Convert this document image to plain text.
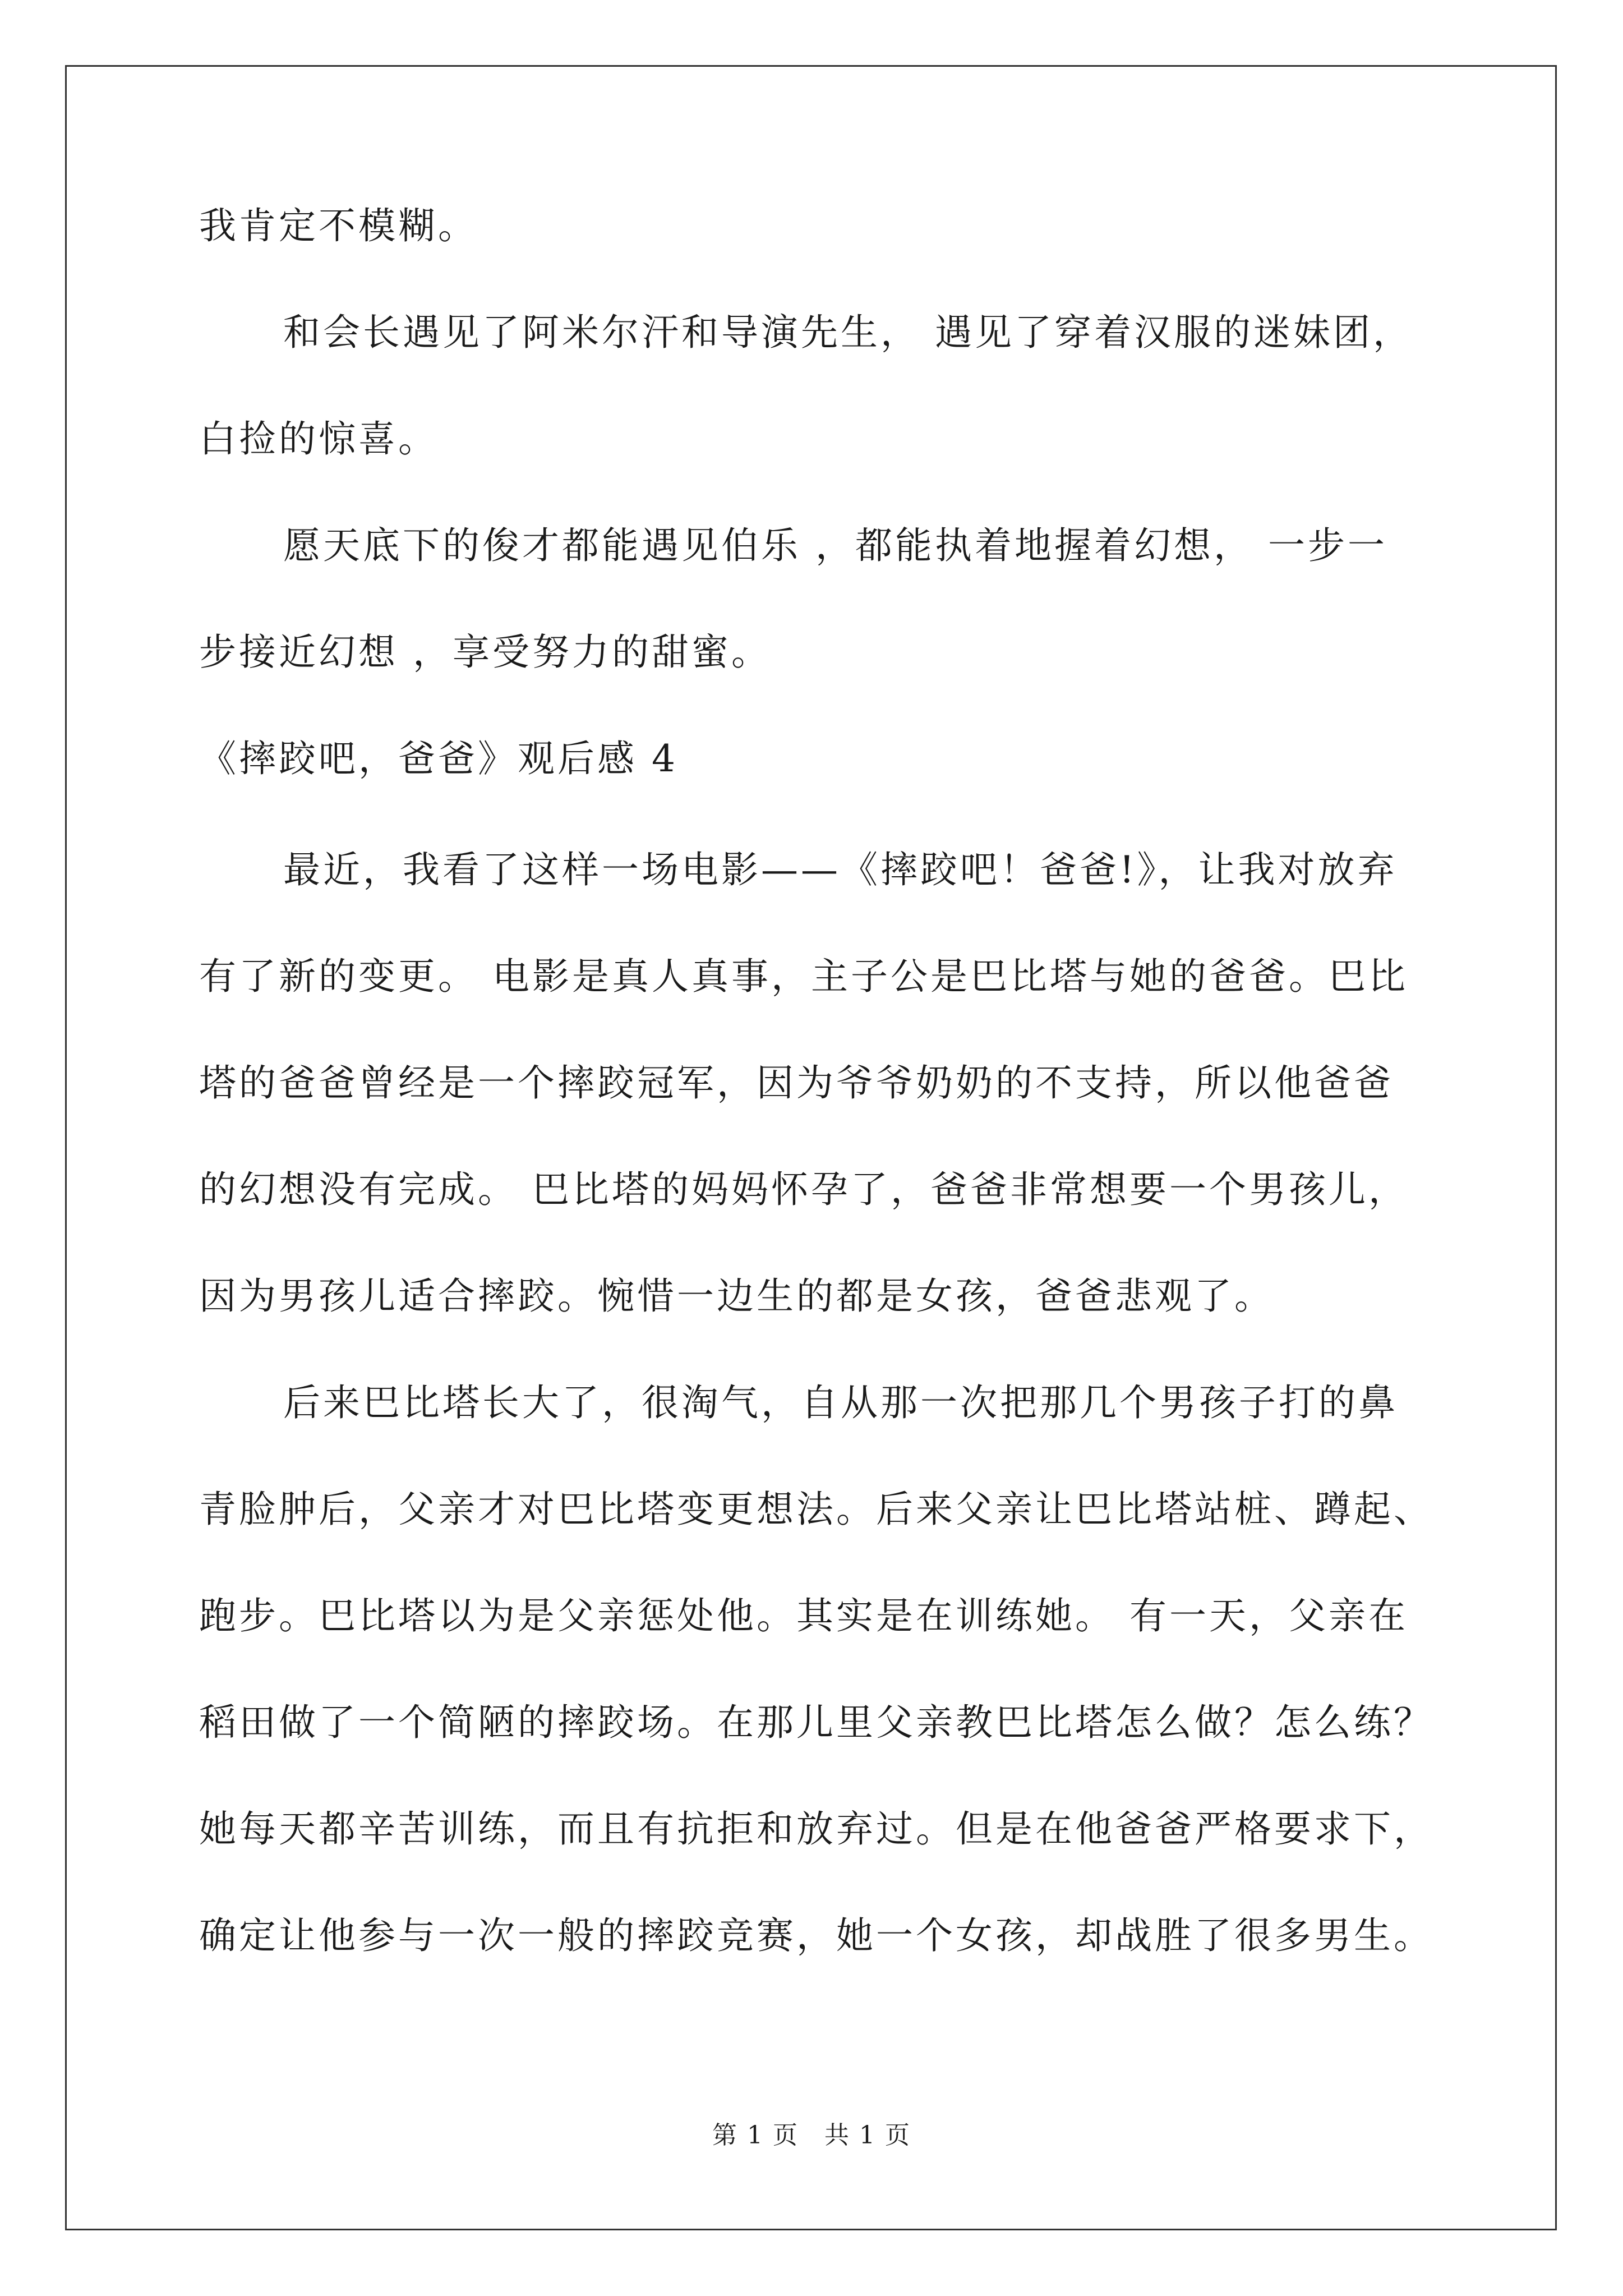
我肯定不模糊。
和会长遇见了阿米尔汗和导演先生， 遇见了穿着汉服的迷妹团，
白捡的惊喜。
愿天底下的俊才都能遇见伯乐 ，都能执着地握着幻想， 一步一
步接近幻想 ，享受努力的甜蜜。
《摔跤吧，爸爸》观后感 4
最近，我看了这样一场电影——《摔跤吧！爸爸!》，让我对放弃
有了新的变更。 电影是真人真事，主子公是巴比塔与她的爸爸。巴比
塔的爸爸曾经是一个摔跤冠军，因为爷爷奶奶的不支持，所以他爸爸
的幻想没有完成。 巴比塔的妈妈怀孕了，爸爸非常想要一个男孩儿，
因为男孩儿适合摔跤。惋惜一边生的都是女孩，爸爸悲观了。
后来巴比塔长大了，很淘气，自从那一次把那几个男孩子打的鼻
青脸肿后，父亲才对巴比塔变更想法。后来父亲让巴比塔站桩、蹲起、
跑步。巴比塔以为是父亲惩处他。其实是在训练她。 有一天，父亲在
稻田做了一个简陋的摔跤场。在那儿里父亲教巴比塔怎么做？怎么练？
她每天都辛苦训练，而且有抗拒和放弃过。但是在他爸爸严格要求下，
确定让他参与一次一般的摔跤竞赛，她一个女孩，却战胜了很多男生。
第 1 页　共 1 页
